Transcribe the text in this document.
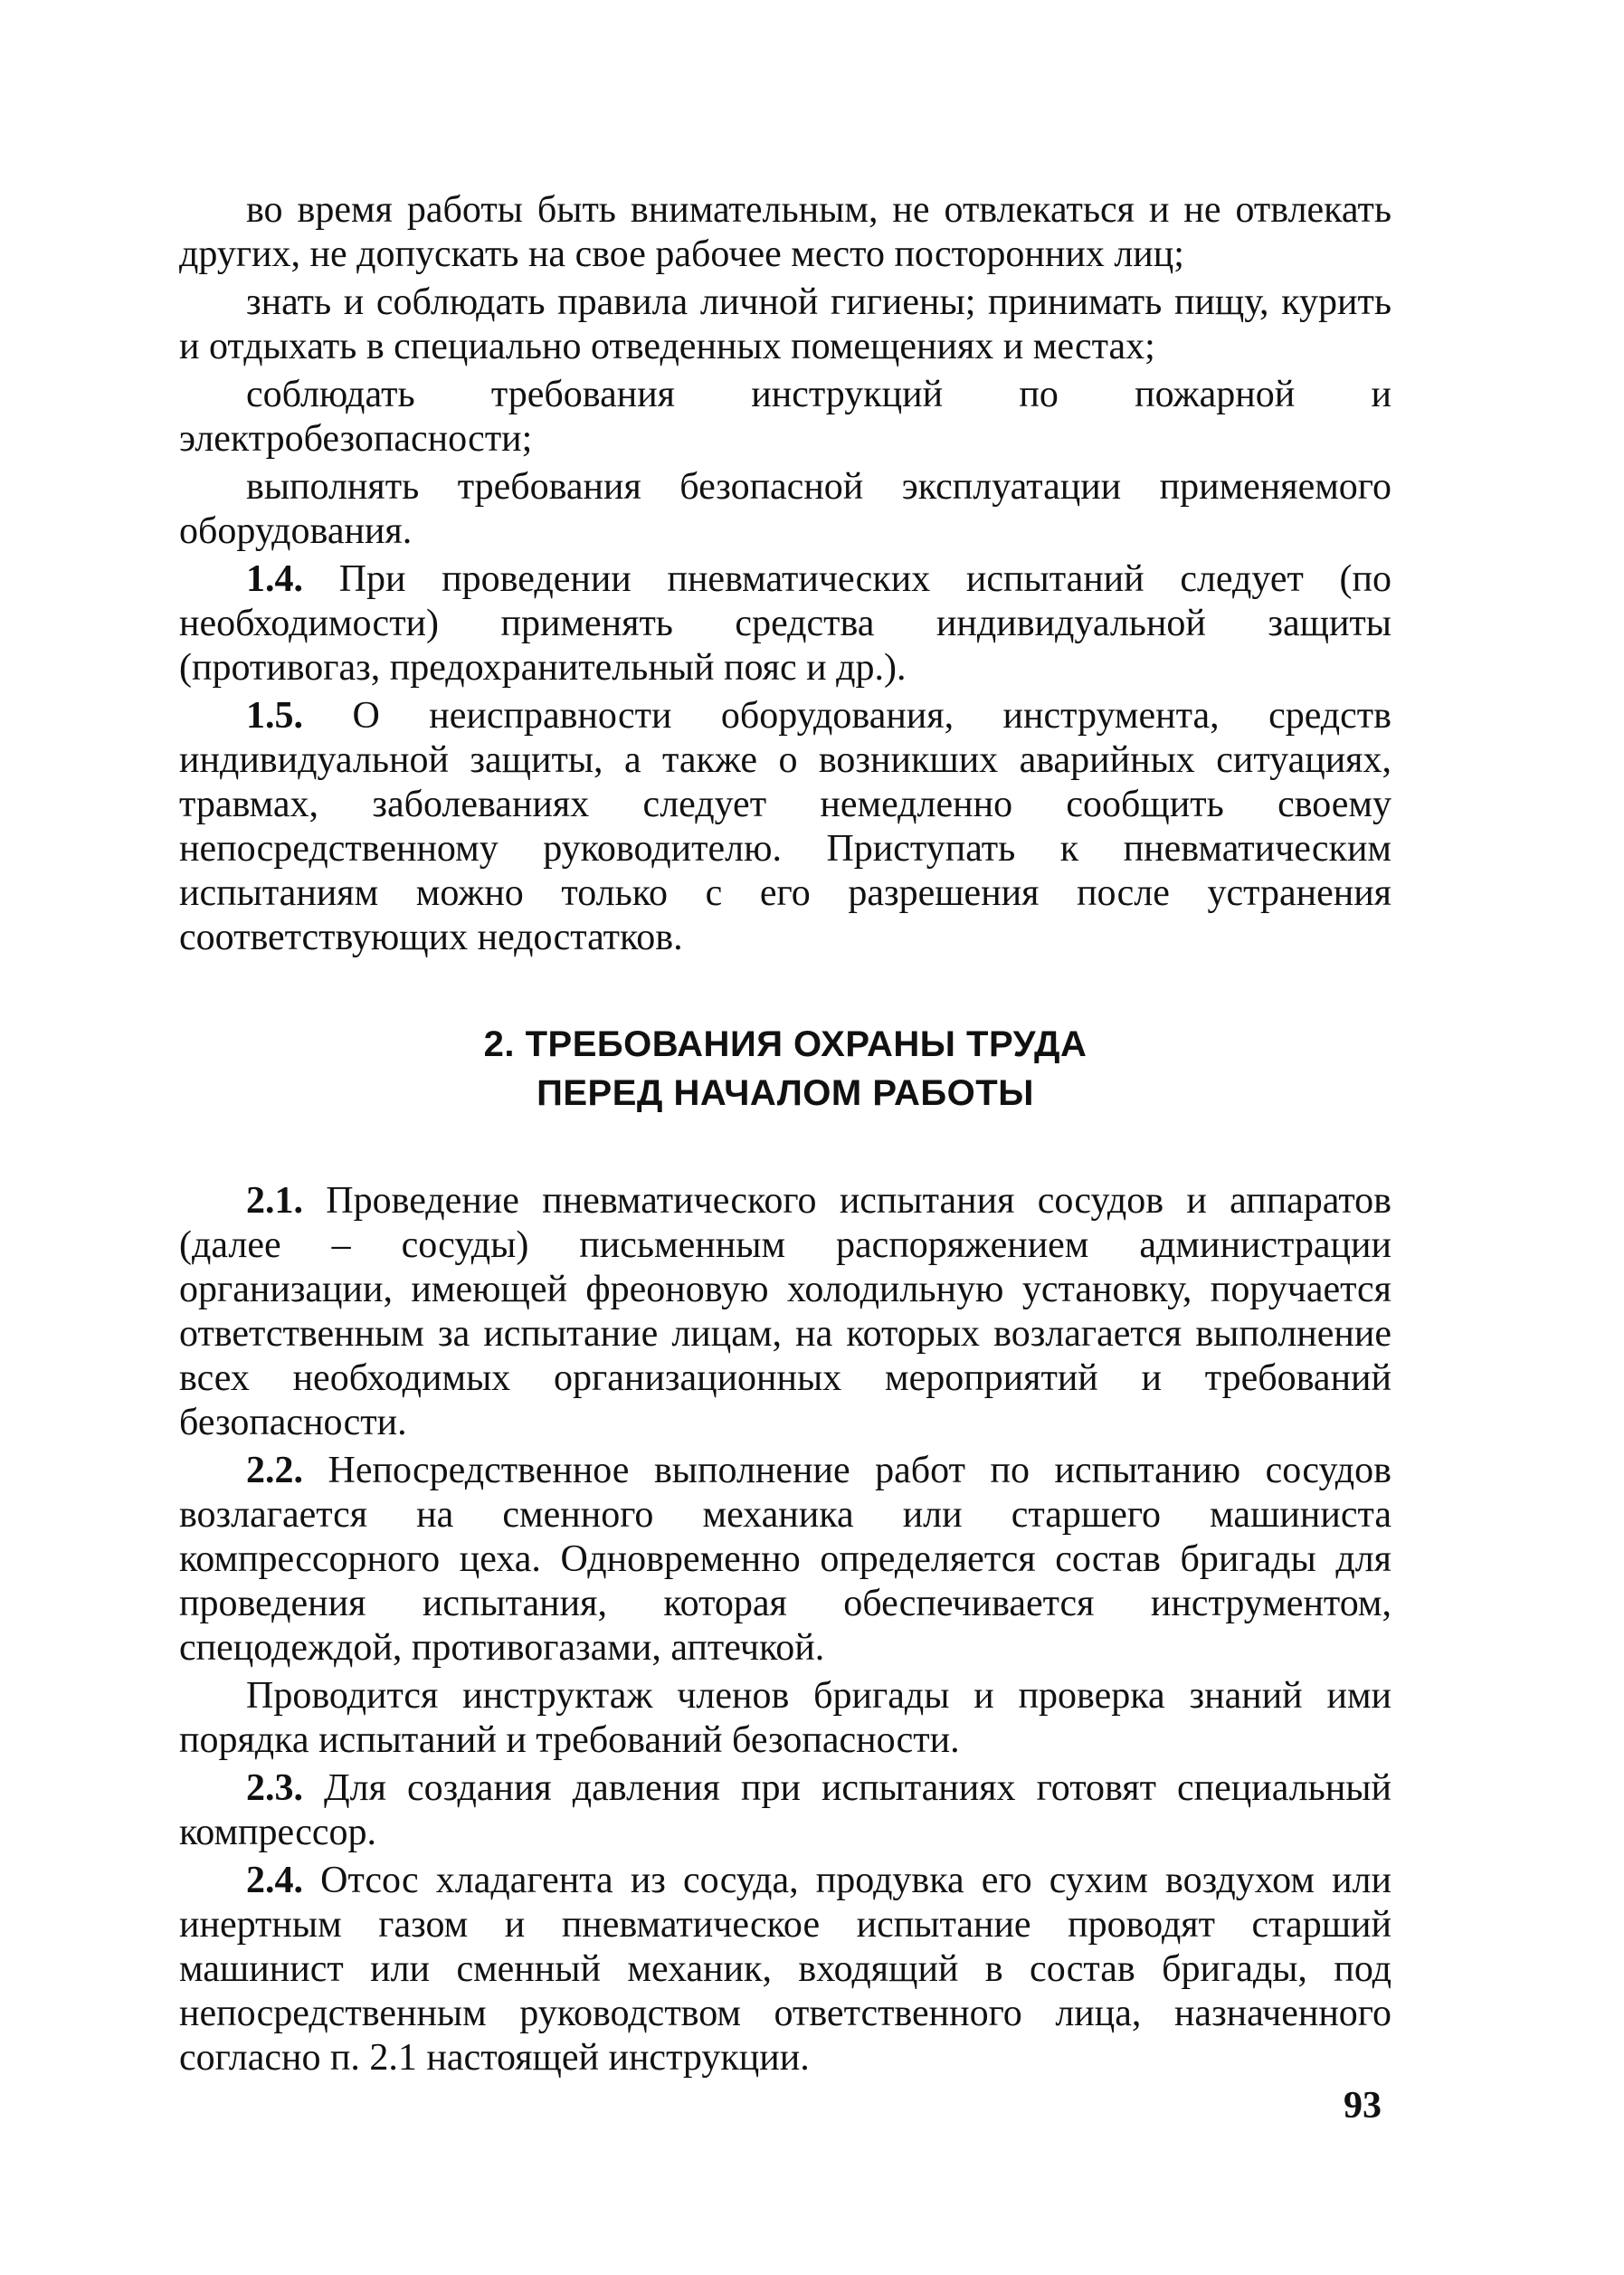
во время работы быть внимательным, не отвлекаться и не отвлекать других, не допускать на свое рабочее место посторонних лиц;

знать и соблюдать правила личной гигиены; принимать пищу, курить и отдыхать в специально отведенных помещениях и местах;

соблюдать требования инструкций по пожарной и электробезопасности;

выполнять требования безопасной эксплуатации применяемого оборудования.

1.4. При проведении пневматических испытаний следует (по необходимости) применять средства индивидуальной защиты (противогаз, предохранительный пояс и др.).

1.5. О неисправности оборудования, инструмента, средств индивидуальной защиты, а также о возникших аварийных ситуациях, травмах, заболеваниях следует немедленно сообщить своему непосредственному руководителю. Приступать к пневматическим испытаниям можно только с его разрешения после устранения соответствующих недостатков.

2. ТРЕБОВАНИЯ ОХРАНЫ ТРУДА
ПЕРЕД НАЧАЛОМ РАБОТЫ

2.1. Проведение пневматического испытания сосудов и аппаратов (далее – сосуды) письменным распоряжением администрации организации, имеющей фреоновую холодильную установку, поручается ответственным за испытание лицам, на которых возлагается выполнение всех необходимых организационных мероприятий и требований безопасности.

2.2. Непосредственное выполнение работ по испытанию сосудов возлагается на сменного механика или старшего машиниста компрессорного цеха. Одновременно определяется состав бригады для проведения испытания, которая обеспечивается инструментом, спецодеждой, противогазами, аптечкой.

Проводится инструктаж членов бригады и проверка знаний ими порядка испытаний и требований безопасности.

2.3. Для создания давления при испытаниях готовят специальный компрессор.

2.4. Отсос хладагента из сосуда, продувка его сухим воздухом или инертным газом и пневматическое испытание проводят старший машинист или сменный механик, входящий в состав бригады, под непосредственным руководством ответственного лица, назначенного согласно п. 2.1 настоящей инструкции.

93
